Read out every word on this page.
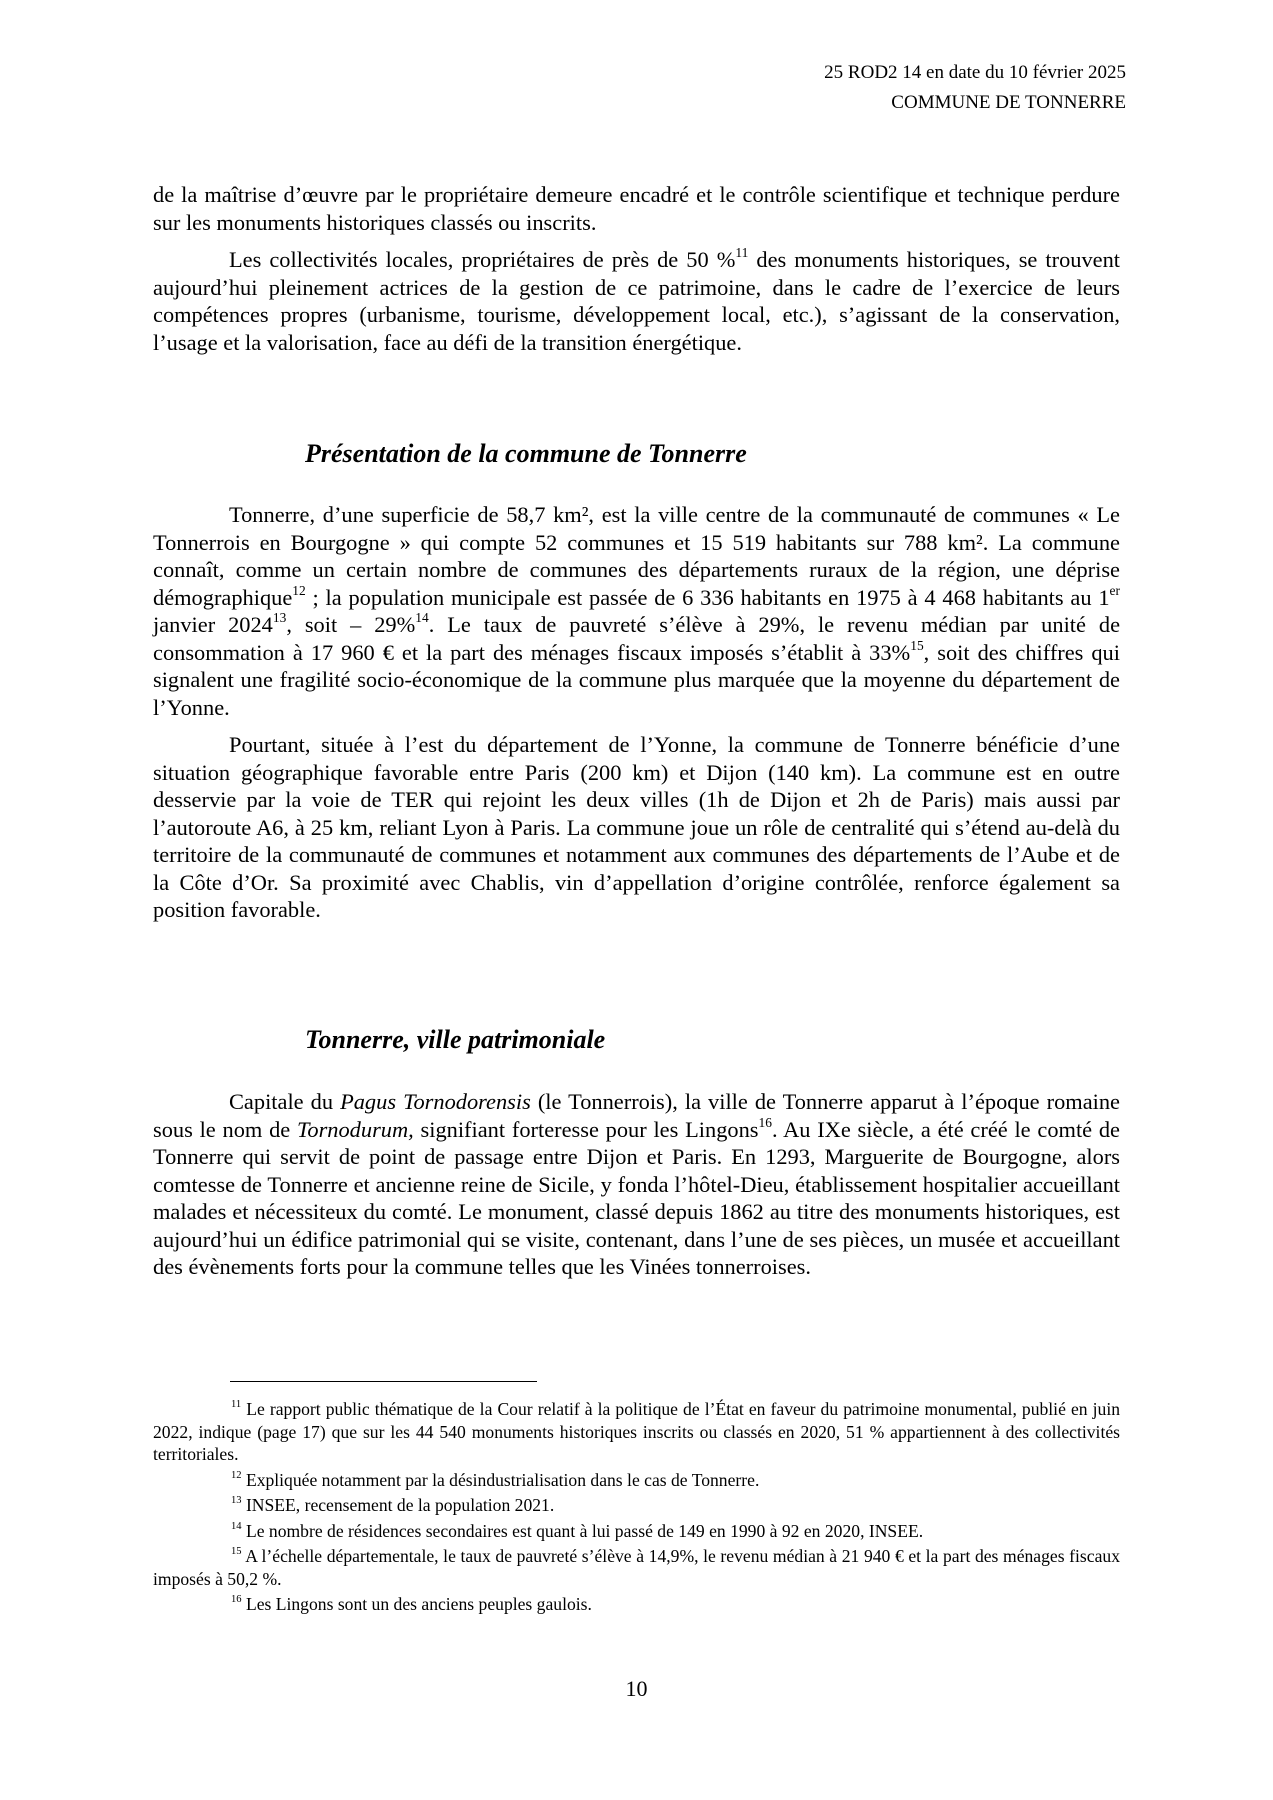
25 ROD2 14 en date du 10 février 2025
COMMUNE DE TONNERRE

de la maîtrise d’œuvre par le propriétaire demeure encadré et le contrôle scientifique et technique perdure sur les monuments historiques classés ou inscrits.

Les collectivités locales, propriétaires de près de 50 %$^{11}$ des monuments historiques, se trouvent aujourd’hui pleinement actrices de la gestion de ce patrimoine, dans le cadre de l’exercice de leurs compétences propres (urbanisme, tourisme, développement local, etc.), s’agissant de la conservation, l’usage et la valorisation, face au défi de la transition énergétique.

Présentation de la commune de Tonnerre

Tonnerre, d’une superficie de 58,7 km², est la ville centre de la communauté de communes « Le Tonnerrois en Bourgogne » qui compte 52 communes et 15 519 habitants sur 788 km². La commune connaît, comme un certain nombre de communes des départements ruraux de la région, une déprise démographique$^{12}$ ; la population municipale est passée de 6 336 habitants en 1975 à 4 468 habitants au 1er janvier 2024$^{13}$, soit – 29%$^{14}$. Le taux de pauvreté s’élève à 29%, le revenu médian par unité de consommation à 17 960 € et la part des ménages fiscaux imposés s’établit à 33%$^{15}$, soit des chiffres qui signalent une fragilité socio-économique de la commune plus marquée que la moyenne du département de l’Yonne.

Pourtant, située à l’est du département de l’Yonne, la commune de Tonnerre bénéficie d’une situation géographique favorable entre Paris (200 km) et Dijon (140 km). La commune est en outre desservie par la voie de TER qui rejoint les deux villes (1h de Dijon et 2h de Paris) mais aussi par l’autoroute A6, à 25 km, reliant Lyon à Paris. La commune joue un rôle de centralité qui s’étend au-delà du territoire de la communauté de communes et notamment aux communes des départements de l’Aube et de la Côte d’Or. Sa proximité avec Chablis, vin d’appellation d’origine contrôlée, renforce également sa position favorable.

Tonnerre, ville patrimoniale

Capitale du Pagus Tornodorensis (le Tonnerrois), la ville de Tonnerre apparut à l’époque romaine sous le nom de Tornodurum, signifiant forteresse pour les Lingons$^{16}$. Au IXe siècle, a été créé le comté de Tonnerre qui servit de point de passage entre Dijon et Paris. En 1293, Marguerite de Bourgogne, alors comtesse de Tonnerre et ancienne reine de Sicile, y fonda l’hôtel-Dieu, établissement hospitalier accueillant malades et nécessiteux du comté. Le monument, classé depuis 1862 au titre des monuments historiques, est aujourd’hui un édifice patrimonial qui se visite, contenant, dans l’une de ses pièces, un musée et accueillant des évènements forts pour la commune telles que les Vinées tonnerroises.

$^{11}$ Le rapport public thématique de la Cour relatif à la politique de l’État en faveur du patrimoine monumental, publié en juin 2022, indique (page 17) que sur les 44 540 monuments historiques inscrits ou classés en 2020, 51 % appartiennent à des collectivités territoriales.

$^{12}$ Expliquée notamment par la désindustrialisation dans le cas de Tonnerre.

$^{13}$ INSEE, recensement de la population 2021.

$^{14}$ Le nombre de résidences secondaires est quant à lui passé de 149 en 1990 à 92 en 2020, INSEE.

$^{15}$ A l’échelle départementale, le taux de pauvreté s’élève à 14,9%, le revenu médian à 21 940 € et la part des ménages fiscaux imposés à 50,2 %.

$^{16}$ Les Lingons sont un des anciens peuples gaulois.

10
